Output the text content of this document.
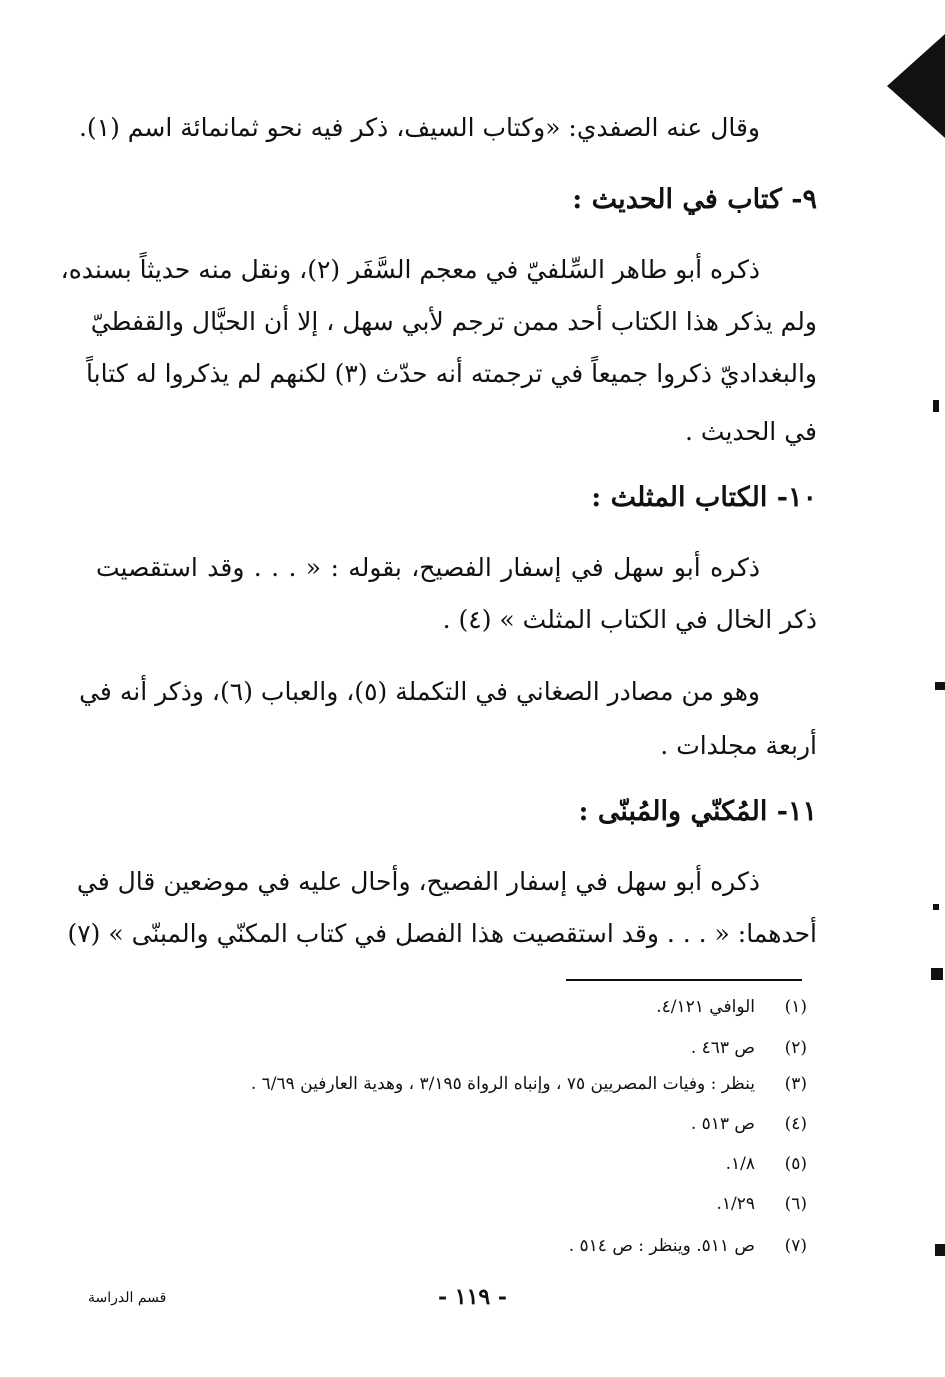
وقال عنه الصفدي: «وكتاب السيف، ذكر فيه نحو ثمانمائة اسم (١).
٩- كتاب في الحديث :
ذكره أبو طاهر السِّلفيّ في معجم السَّفَر (٢)، ونقل منه حديثاً بسنده،
ولم يذكر هذا الكتاب أحد ممن ترجم لأبي سهل ، إلا أن الحبَّال والقفطيّ
والبغداديّ ذكروا جميعاً في ترجمته أنه حدّث (٣) لكنهم لم يذكروا له كتاباً
في الحديث .
١٠- الكتاب المثلث :
ذكره أبو سهل في إسفار الفصيح، بقوله : « . . . وقد استقصيت
ذكر الخال في الكتاب المثلث » (٤) .
وهو من مصادر الصغاني في التكملة (٥)، والعباب (٦)، وذكر أنه في
أربعة مجلدات .
١١- المُكنّي والمُبنّى :
ذكره أبو سهل في إسفار الفصيح، وأحال عليه في موضعين قال في
أحدهما: « . . . وقد استقصيت هذا الفصل في كتاب المكنّي والمبنّى » (٧)
(١)الوافي ٤/١٢١.
(٢)ص ٤٦٣ .
(٣)ينظر : وفيات المصريين ٧٥ ، وإنباه الرواة ٣/١٩٥ ، وهدية العارفين ٦/٦٩ .
(٤)ص ٥١٣ .
(٥)١/٨.
(٦)١/٢٩.
(٧)ص ٥١١. وينظر : ص ٥١٤ .
- ١١٩ -
قسم الدراسة
